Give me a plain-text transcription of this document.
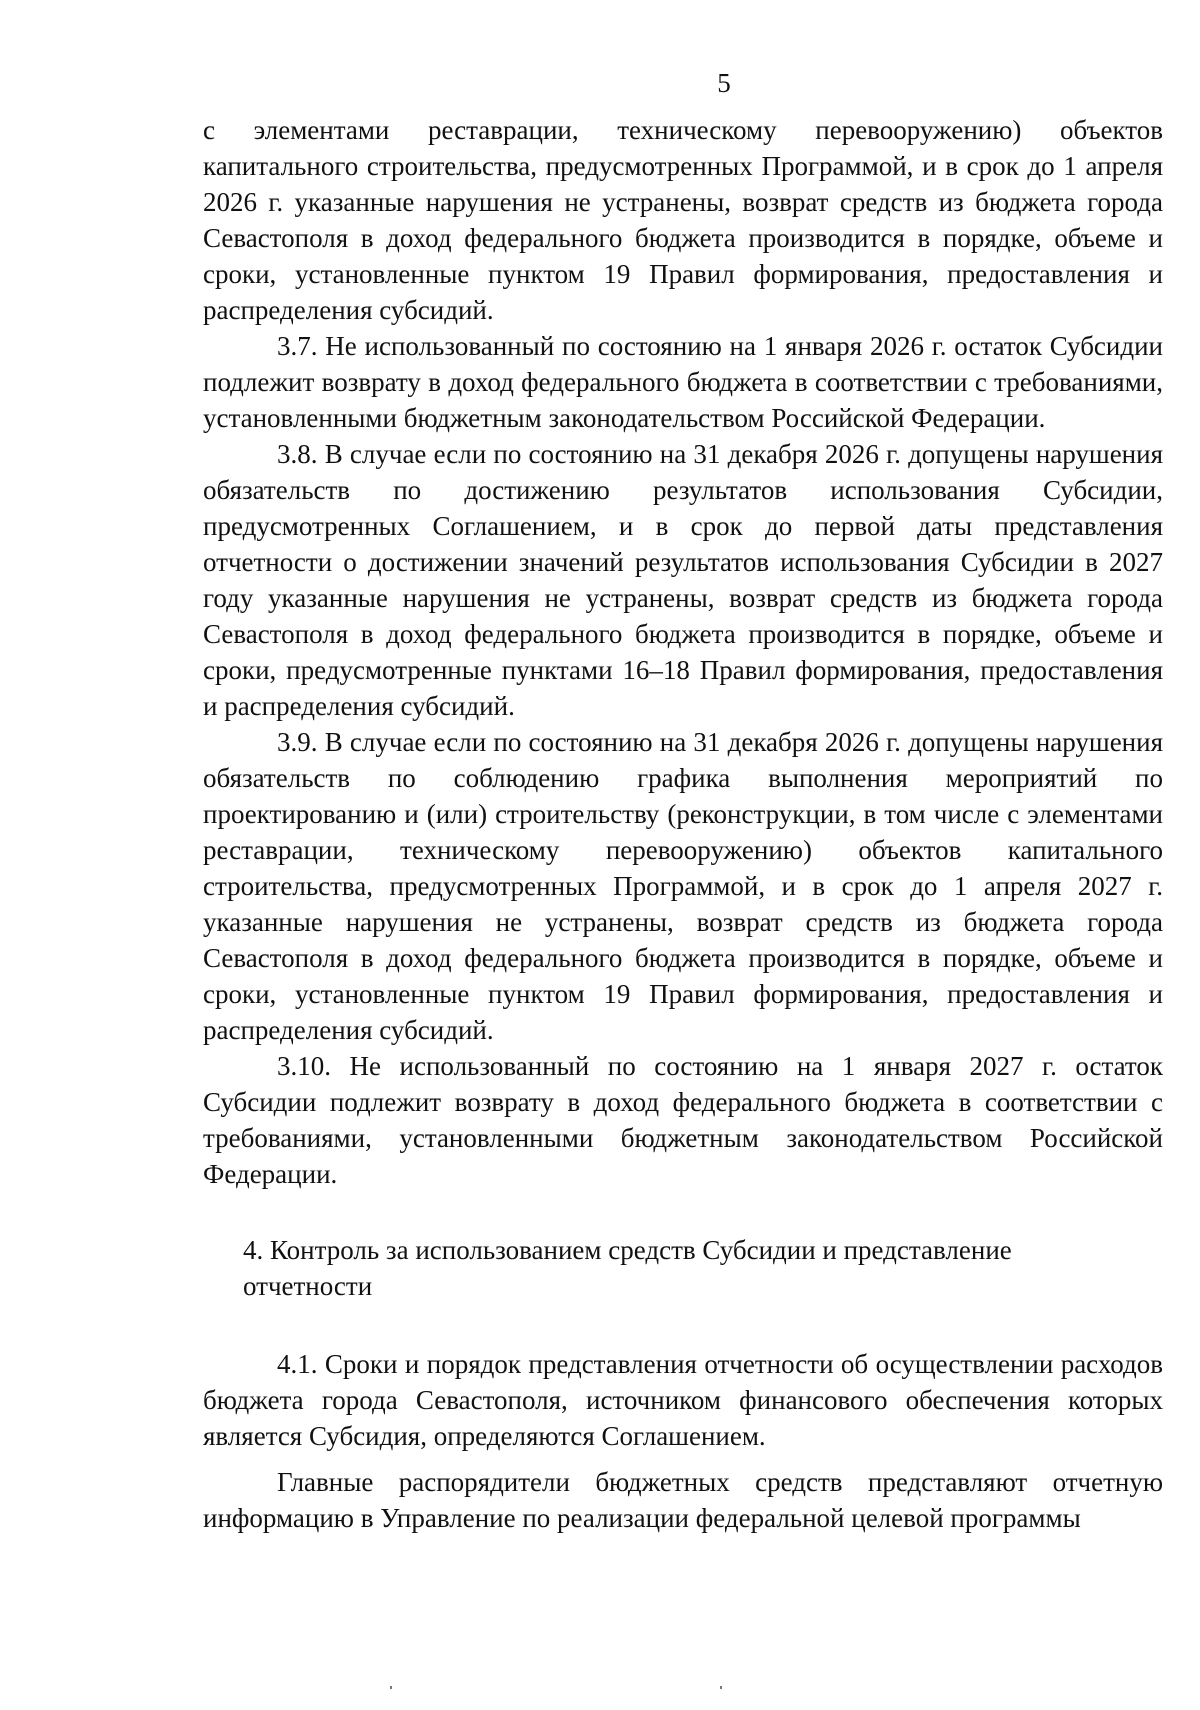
5

с элементами реставрации, техническому перевооружению) объектов капитального строительства, предусмотренных Программой, и в срок до 1 апреля 2026 г. указанные нарушения не устранены, возврат средств из бюджета города Севастополя в доход федерального бюджета производится в порядке, объеме и сроки, установленные пунктом 19 Правил формирования, предоставления и распределения субсидий.

3.7. Не использованный по состоянию на 1 января 2026 г. остаток Субсидии подлежит возврату в доход федерального бюджета в соответствии с требованиями, установленными бюджетным законодательством Российской Федерации.

3.8. В случае если по состоянию на 31 декабря 2026 г. допущены нарушения обязательств по достижению результатов использования Субсидии, предусмотренных Соглашением, и в срок до первой даты представления отчетности о достижении значений результатов использования Субсидии в 2027 году указанные нарушения не устранены, возврат средств из бюджета города Севастополя в доход федерального бюджета производится в порядке, объеме и сроки, предусмотренные пунктами 16–18 Правил формирования, предоставления и распределения субсидий.

3.9. В случае если по состоянию на 31 декабря 2026 г. допущены нарушения обязательств по соблюдению графика выполнения мероприятий по проектированию и (или) строительству (реконструкции, в том числе с элементами реставрации, техническому перевооружению) объектов капитального строительства, предусмотренных Программой, и в срок до 1 апреля 2027 г. указанные нарушения не устранены, возврат средств из бюджета города Севастополя в доход федерального бюджета производится в порядке, объеме и сроки, установленные пунктом 19 Правил формирования, предоставления и распределения субсидий.

3.10. Не использованный по состоянию на 1 января 2027 г. остаток Субсидии подлежит возврату в доход федерального бюджета в соответствии с требованиями, установленными бюджетным законодательством Российской Федерации.

4. Контроль за использованием средств Субсидии и представление

отчетности

4.1. Сроки и порядок представления отчетности об осуществлении расходов бюджета города Севастополя, источником финансового обеспечения которых является Субсидия, определяются Соглашением.

Главные распорядители бюджетных средств представляют отчетную информацию в Управление по реализации федеральной целевой программы
